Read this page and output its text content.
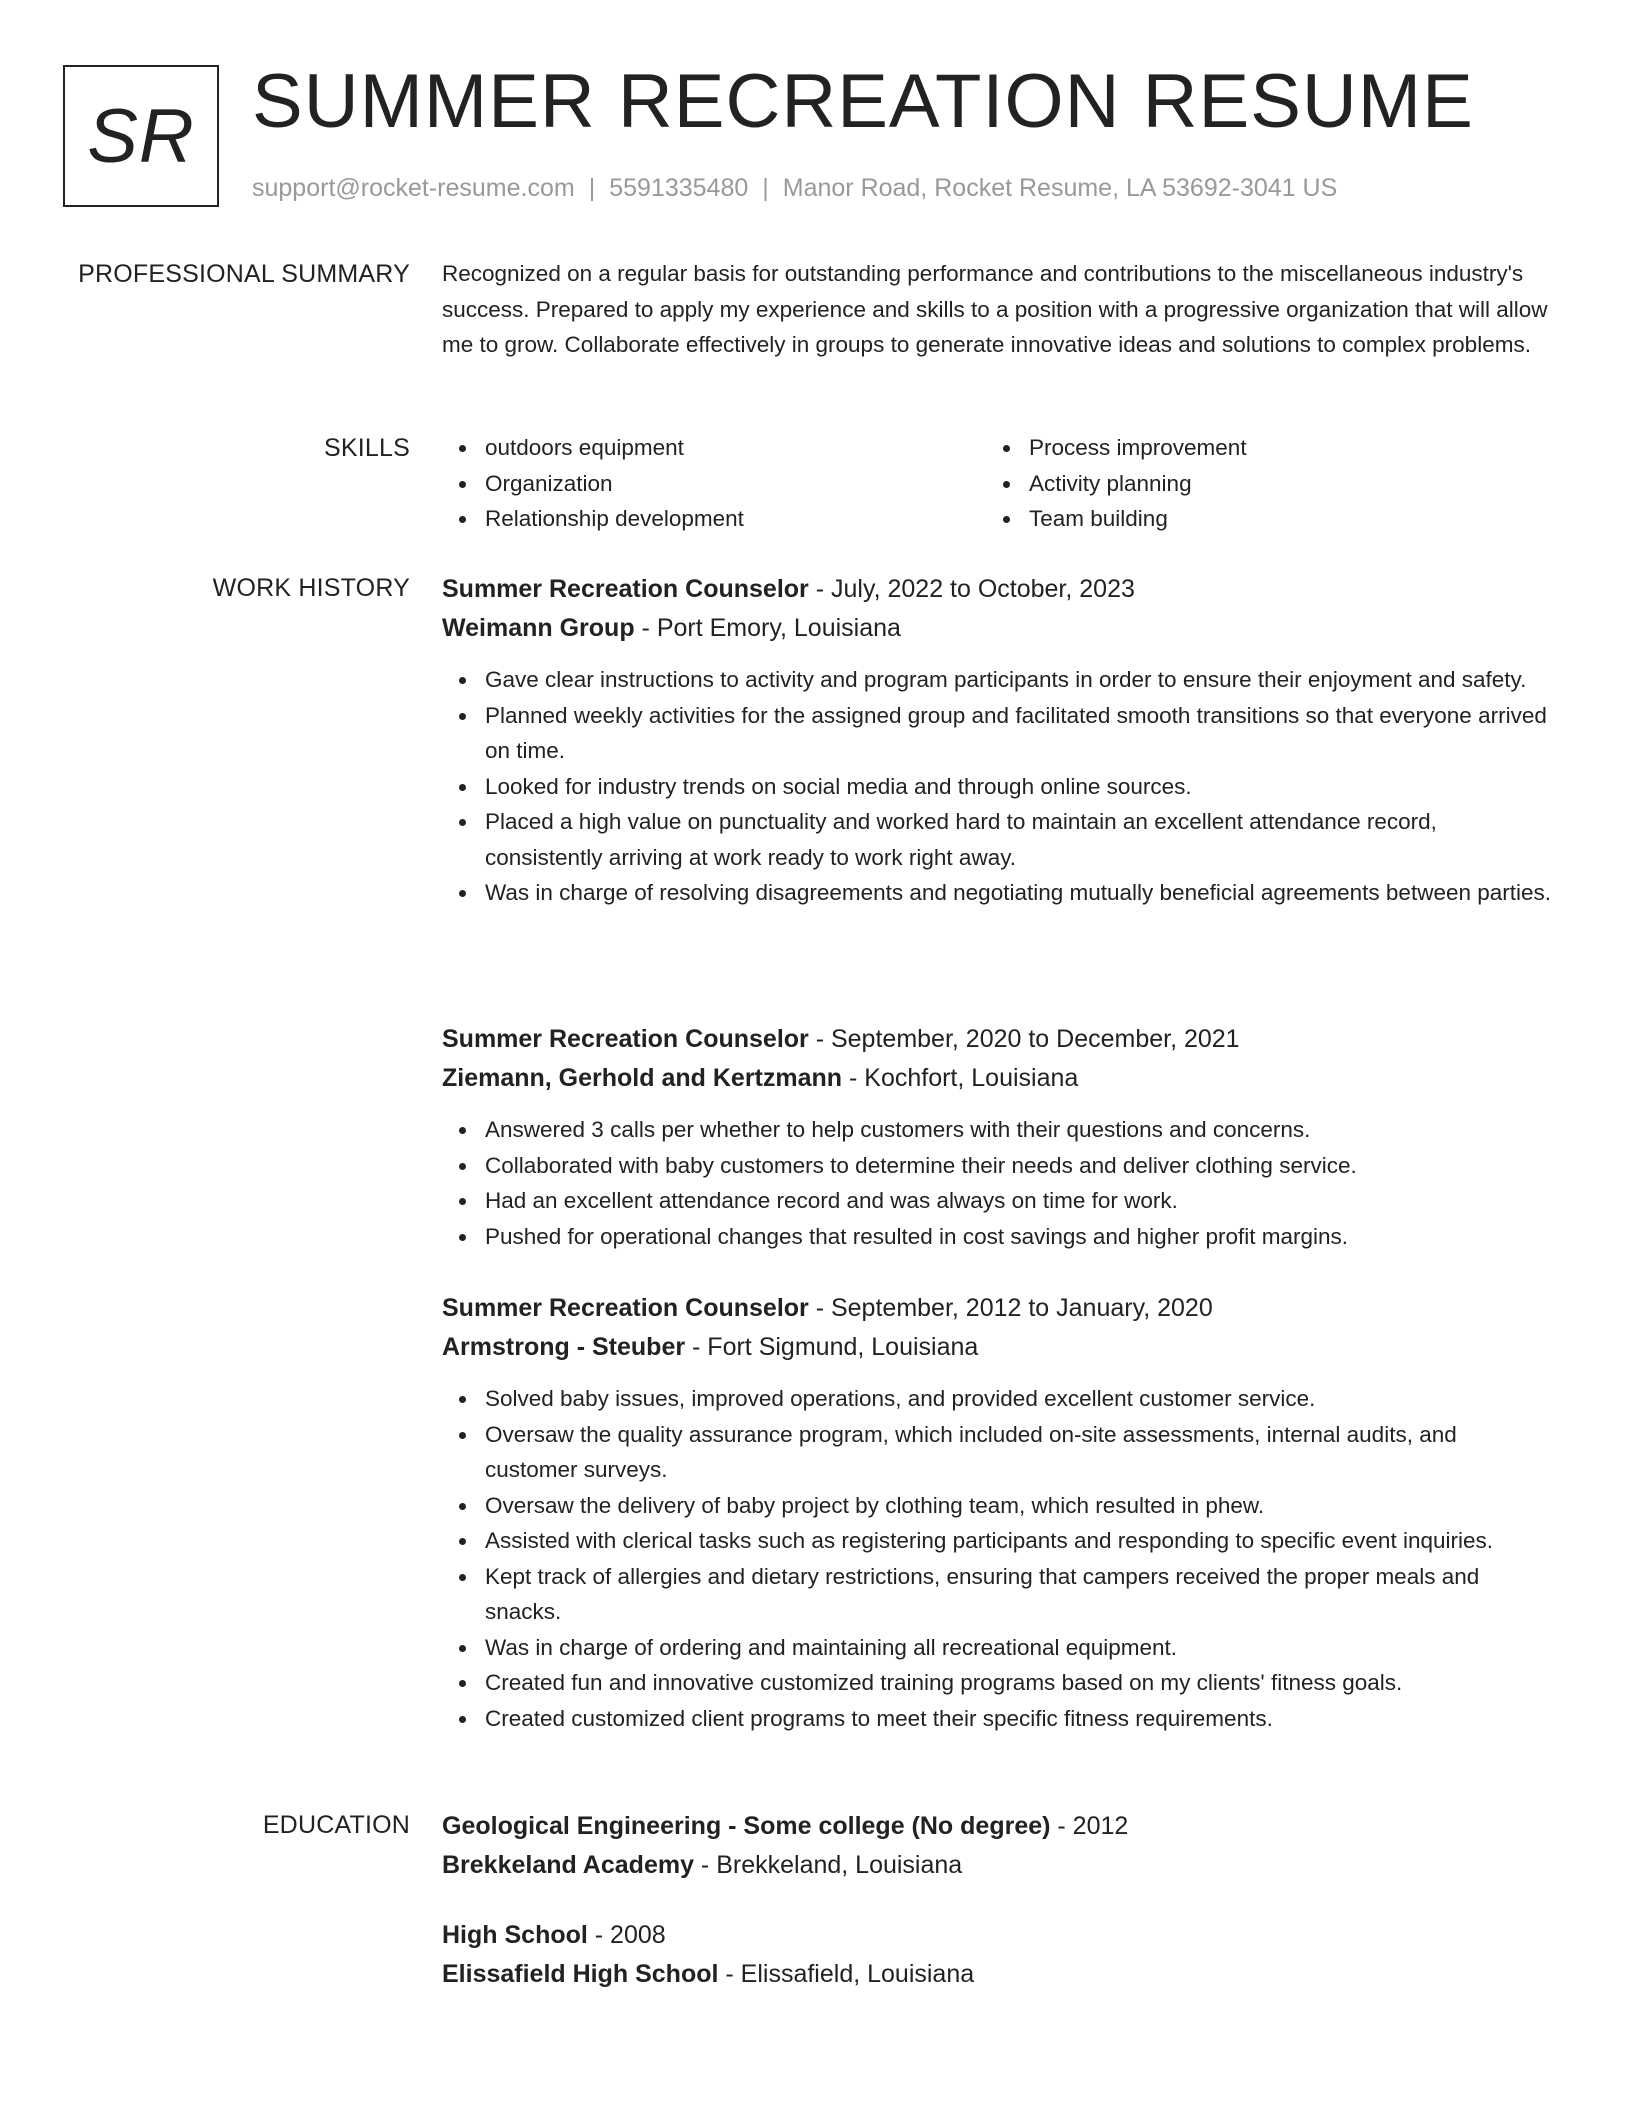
SR SUMMER RECREATION RESUME
support@rocket-resume.com | 5591335480 | Manor Road, Rocket Resume, LA 53692-3041 US
PROFESSIONAL SUMMARY Recognized on a regular basis for outstanding performance and contributions to the miscellaneous industry's success. Prepared to apply my experience and skills to a position with a progressive organization that will allow me to grow. Collaborate effectively in groups to generate innovative ideas and solutions to complex problems.

SKILLS	outdoors equipment	Process improvement
Organization	Activity planning
Relationship development	Team building
WORK HISTORY Summer Recreation Counselor - July, 2022 to October, 2023
Weimann Group - Port Emory, Louisiana
Gave clear instructions to activity and program participants in order to ensure their enjoyment and safety.
Planned weekly activities for the assigned group and facilitated smooth transitions so that everyone arrived on time.
Looked for industry trends on social media and through online sources.
Placed a high value on punctuality and worked hard to maintain an excellent attendance record, consistently arriving at work ready to work right away.
Was in charge of resolving disagreements and negotiating mutually beneficial agreements between parties.
Summer Recreation Counselor - September, 2020 to December, 2021
Ziemann, Gerhold and Kertzmann - Kochfort, Louisiana
Answered 3 calls per whether to help customers with their questions and concerns.
Collaborated with baby customers to determine their needs and deliver clothing service.
Had an excellent attendance record and was always on time for work.
Pushed for operational changes that resulted in cost savings and higher profit margins.
Summer Recreation Counselor - September, 2012 to January, 2020
Armstrong - Steuber - Fort Sigmund, Louisiana
Solved baby issues, improved operations, and provided excellent customer service.
Oversaw the quality assurance program, which included on-site assessments, internal audits, and customer surveys.
Oversaw the delivery of baby project by clothing team, which resulted in phew.
Assisted with clerical tasks such as registering participants and responding to specific event inquiries.
Kept track of allergies and dietary restrictions, ensuring that campers received the proper meals and snacks.
Was in charge of ordering and maintaining all recreational equipment.
Created fun and innovative customized training programs based on my clients' fitness goals.
Created customized client programs to meet their specific fitness requirements.
EDUCATION Geological Engineering - Some college (No degree) - 2012
Brekkeland Academy - Brekkeland, Louisiana
High School - 2008
Elissafield High School - Elissafield, Louisiana
